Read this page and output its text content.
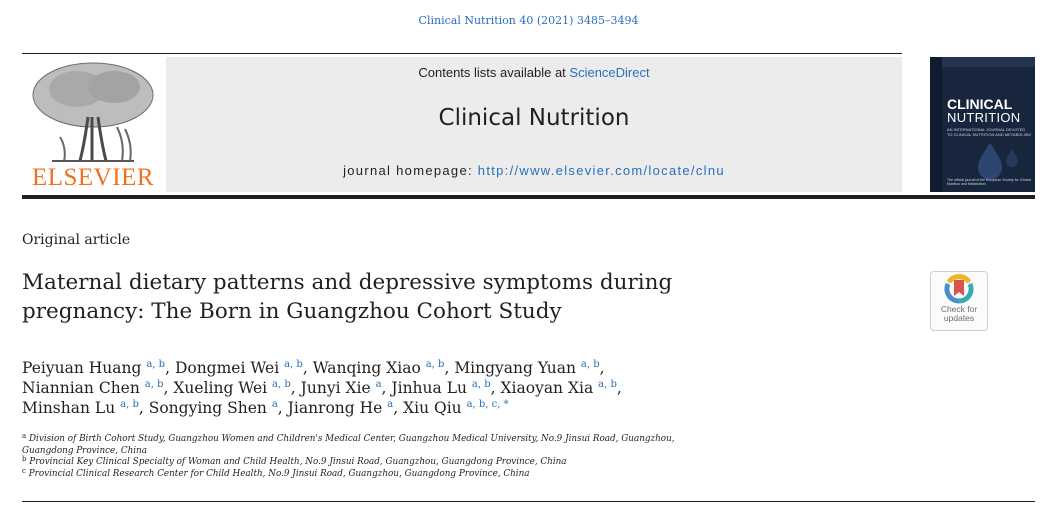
Clinical Nutrition 40 (2021) 3485–3494
ELSEVIER
Contents lists available at ScienceDirect
Clinical Nutrition
journal homepage: http://www.elsevier.com/locate/clnu
CLINICAL
NUTRITION
AN INTERNATIONAL JOURNAL DEVOTED TO CLINICAL NUTRITION AND METABOLISM
The official journal of the European Society for Clinical Nutrition and Metabolism
Original article
Maternal dietary patterns and depressive symptoms during
pregnancy: The Born in Guangzhou Cohort Study	Check for
updates
Peiyuan Huang $^{a, b}$, Dongmei Wei $^{a, b}$, Wanqing Xiao $^{a, b}$, Mingyang Yuan $^{a, b}$,
Niannian Chen $^{a, b}$, Xueling Wei $^{a, b}$, Junyi Xie $^a$, Jinhua Lu $^{a, b}$, Xiaoyan Xia $^{a, b}$,
Minshan Lu $^{a, b}$, Songying Shen $^a$, Jianrong He $^a$, Xiu Qiu $^{a, b, c, *}$
$^a$ Division of Birth Cohort Study, Guangzhou Women and Children's Medical Center, Guangzhou Medical University, No.9 Jinsui Road, Guangzhou,
Guangdong Province, China
$^b$ Provincial Key Clinical Specialty of Woman and Child Health, No.9 Jinsui Road, Guangzhou, Guangdong Province, China
$^c$ Provincial Clinical Research Center for Child Health, No.9 Jinsui Road, Guangzhou, Guangdong Province, China
